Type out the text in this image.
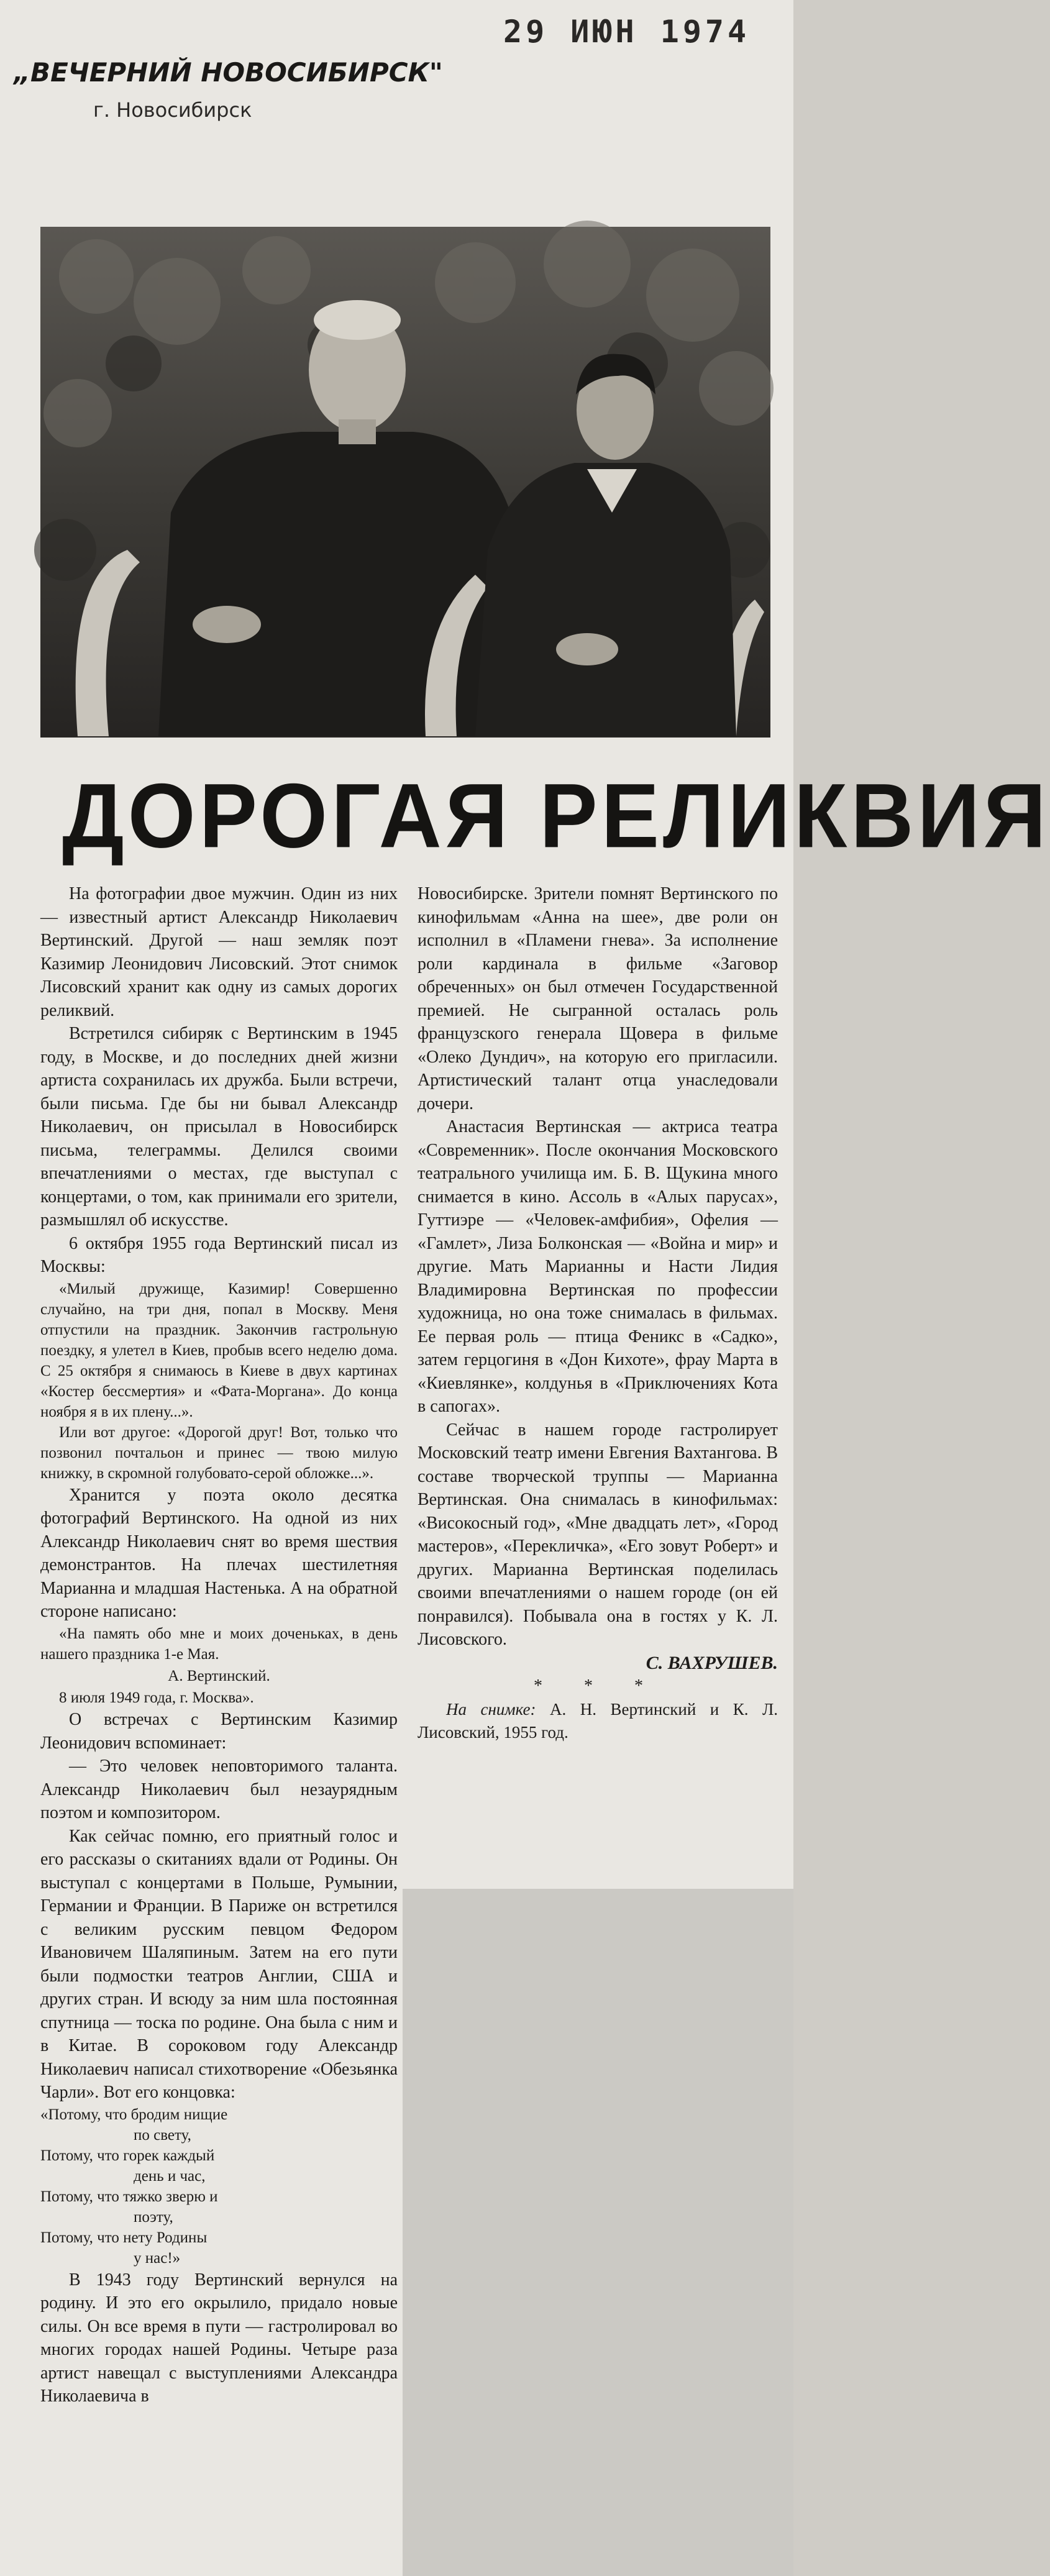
29 ИЮН 1974
„ВЕЧЕРНИЙ НОВОСИБИРСК"
г. Новосибирск
ДОРОГАЯ РЕЛИКВИЯ

На фотографии двое мужчин. Один из них — известный артист Александр Николаевич Вертинский. Другой — наш земляк поэт Казимир Леонидович Лисовский. Этот снимок Лисовский хранит как одну из самых дорогих реликвий.

Встретился сибиряк с Вертинским в 1945 году, в Москве, и до последних дней жизни артиста сохранилась их дружба. Были встречи, были письма. Где бы ни бывал Александр Николаевич, он присылал в Новосибирск письма, телеграммы. Делился своими впечатлениями о местах, где выступал с концертами, о том, как принимали его зрители, размышлял об искусстве.

6 октября 1955 года Вертинский писал из Москвы:

«Милый дружище, Казимир! Совершенно случайно, на три дня, попал в Москву. Меня отпустили на праздник. Закончив гастрольную поездку, я улетел в Киев, пробыв всего неделю дома. С 25 октября я снимаюсь в Киеве в двух картинах «Костер бессмертия» и «Фата-Моргана». До конца ноября я в их плену...».

Или вот другое: «Дорогой друг! Вот, только что позвонил почтальон и принес — твою милую книжку, в скромной голубовато-серой обложке...».

Хранится у поэта около десятка фотографий Вертинского. На одной из них Александр Николаевич снят во время шествия демонстрантов. На плечах шестилетняя Марианна и младшая Настенька. А на обратной стороне написано:

«На память обо мне и моих доченьках, в день нашего праздника 1-е Мая.

А. Вертинский.

8 июля 1949 года, г. Москва».

О встречах с Вертинским Казимир Леонидович вспоминает:

— Это человек неповторимого таланта. Александр Николаевич был незаурядным поэтом и композитором.

Как сейчас помню, его приятный голос и его рассказы о скитаниях вдали от Родины. Он выступал с концертами в Польше, Румынии, Германии и Франции. В Париже он встретился с великим русским певцом Федором Ивановичем Шаляпиным. Затем на его пути были подмостки театров Англии, США и других стран. И всюду за ним шла постоянная спутница — тоска по родине. Она была с ним и в Китае. В сороковом году Александр Николаевич написал стихотворение «Обезьянка Чарли». Вот его концовка:

«Потому, что бродим нищие
по свету,
Потому, что горек каждый
день и час,
Потому, что тяжко зверю и
поэту,
Потому, что нету Родины
у нас!»

В 1943 году Вертинский вернулся на родину. И это его окрылило, придало новые силы. Он все время в пути — гастролировал во многих городах нашей Родины. Четыре раза артист навещал с выступлениями Александра Николаевича в

Новосибирске. Зрители помнят Вертинского по кинофильмам «Анна на шее», две роли он исполнил в «Пламени гнева». За исполнение роли кардинала в фильме «Заговор обреченных» он был отмечен Государственной премией. Не сыгранной осталась роль французского генерала Щовера в фильме «Олеко Дундич», на которую его пригласили. Артистический талант отца унаследовали дочери.

Анастасия Вертинская — актриса театра «Современник». После окончания Московского театрального училища им. Б. В. Щукина много снимается в кино. Ассоль в «Алых парусах», Гуттиэре — «Человек-амфибия», Офелия — «Гамлет», Лиза Болконская — «Война и мир» и другие. Мать Марианны и Насти Лидия Владимировна Вертинская по профессии художница, но она тоже снималась в фильмах. Ее первая роль — птица Феникс в «Садко», затем герцогиня в «Дон Кихоте», фрау Марта в «Киевлянке», колдунья в «Приключениях Кота в сапогах».

Сейчас в нашем городе гастролирует Московский театр имени Евгения Вахтангова. В составе творческой труппы — Марианна Вертинская. Она снималась в кинофильмах: «Високосный год», «Мне двадцать лет», «Город мастеров», «Перекличка», «Его зовут Роберт» и других. Марианна Вертинская поделилась своими впечатлениями о нашем городе (он ей понравился). Побывала она в гостях у К. Л. Лисовского.

С. ВАХРУШЕВ.

* * *

На снимке: А. Н. Вертинский и К. Л. Лисовский, 1955 год.
